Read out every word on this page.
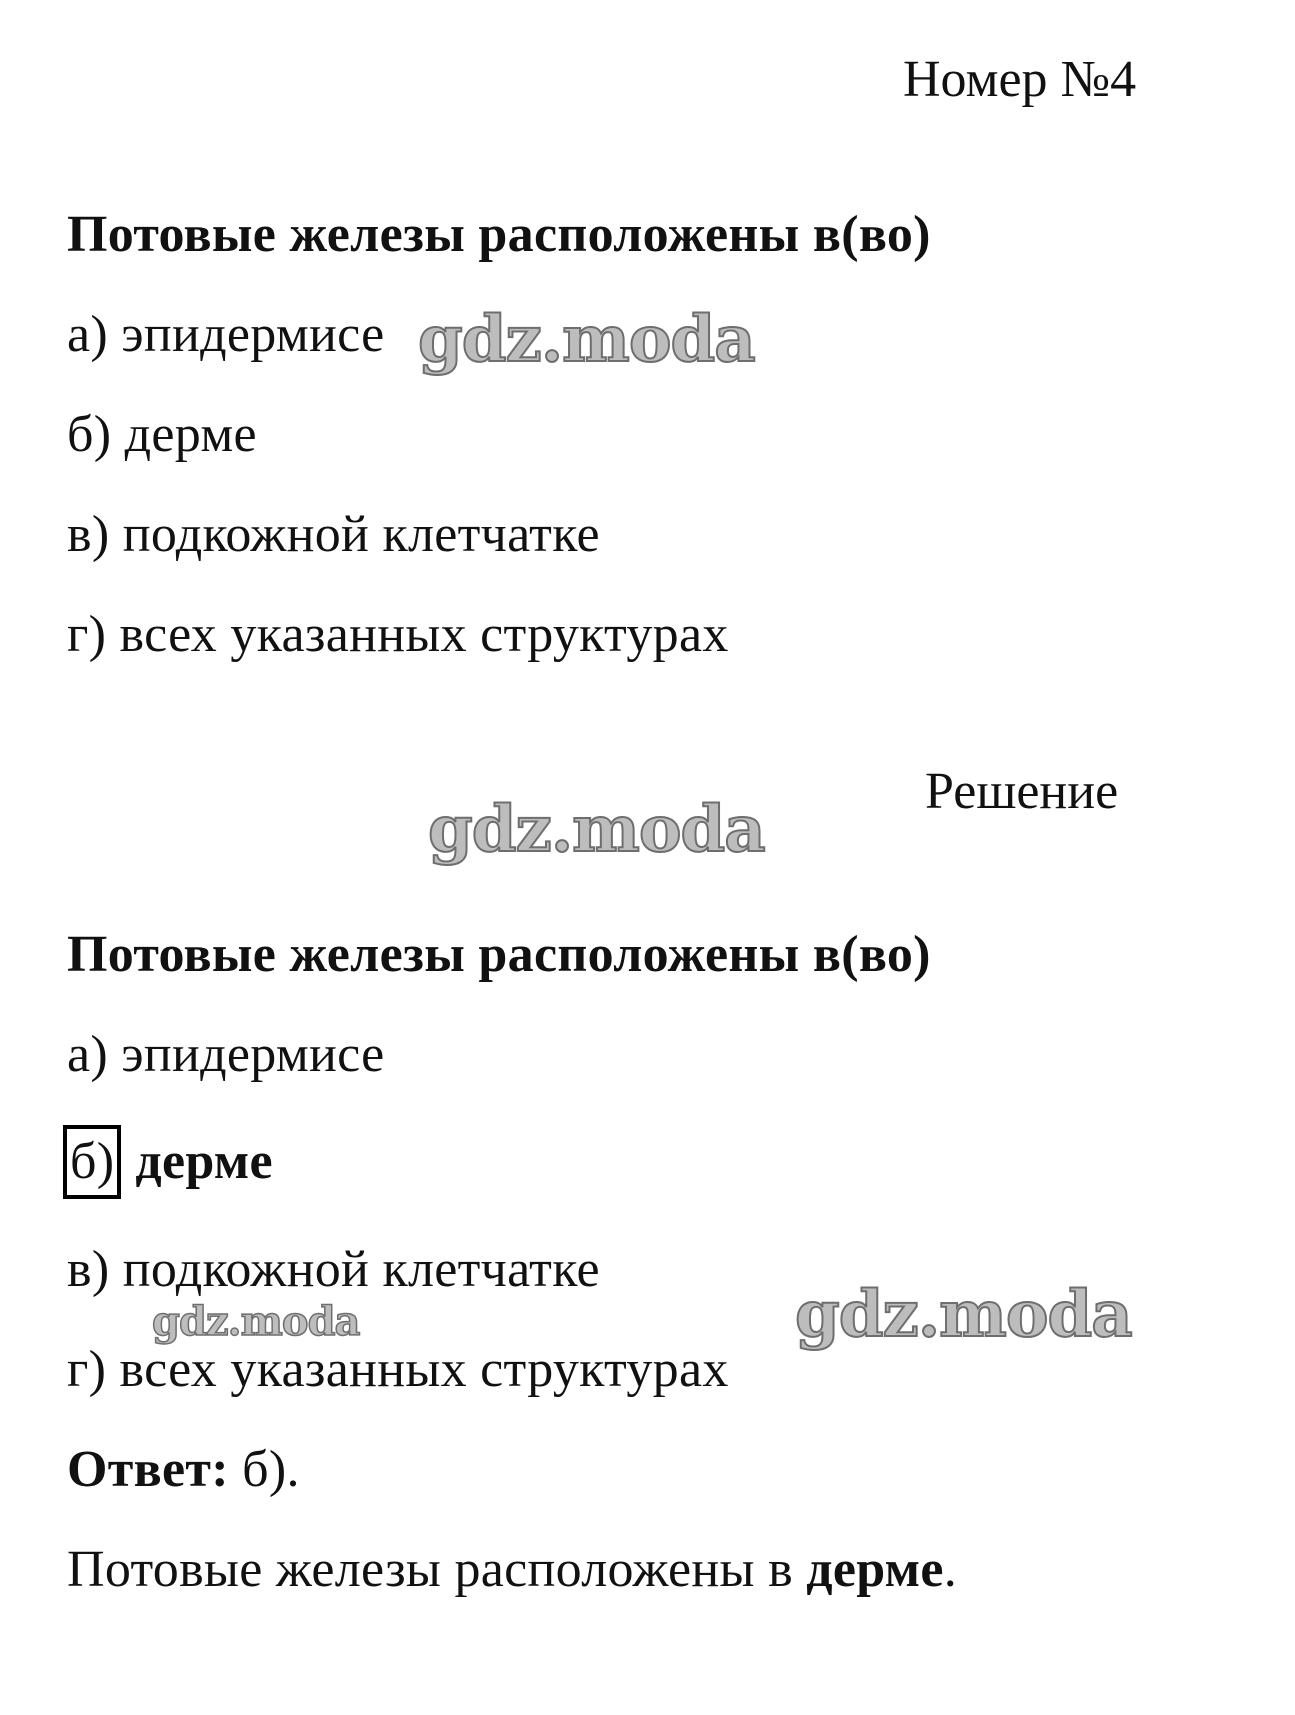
Номер №4
Потовые железы расположены в(во)
а) эпидермисе
б) дерме
в) подкожной клетчатке
г) всех указанных структурах
Решение
Потовые железы расположены в(во)
а) эпидермисе
б) дерме
в) подкожной клетчатке
г) всех указанных структурах
Ответ: б).
Потовые железы расположены в дерме.
gdz.moda
gdz.moda
gdz.moda
gdz.moda
